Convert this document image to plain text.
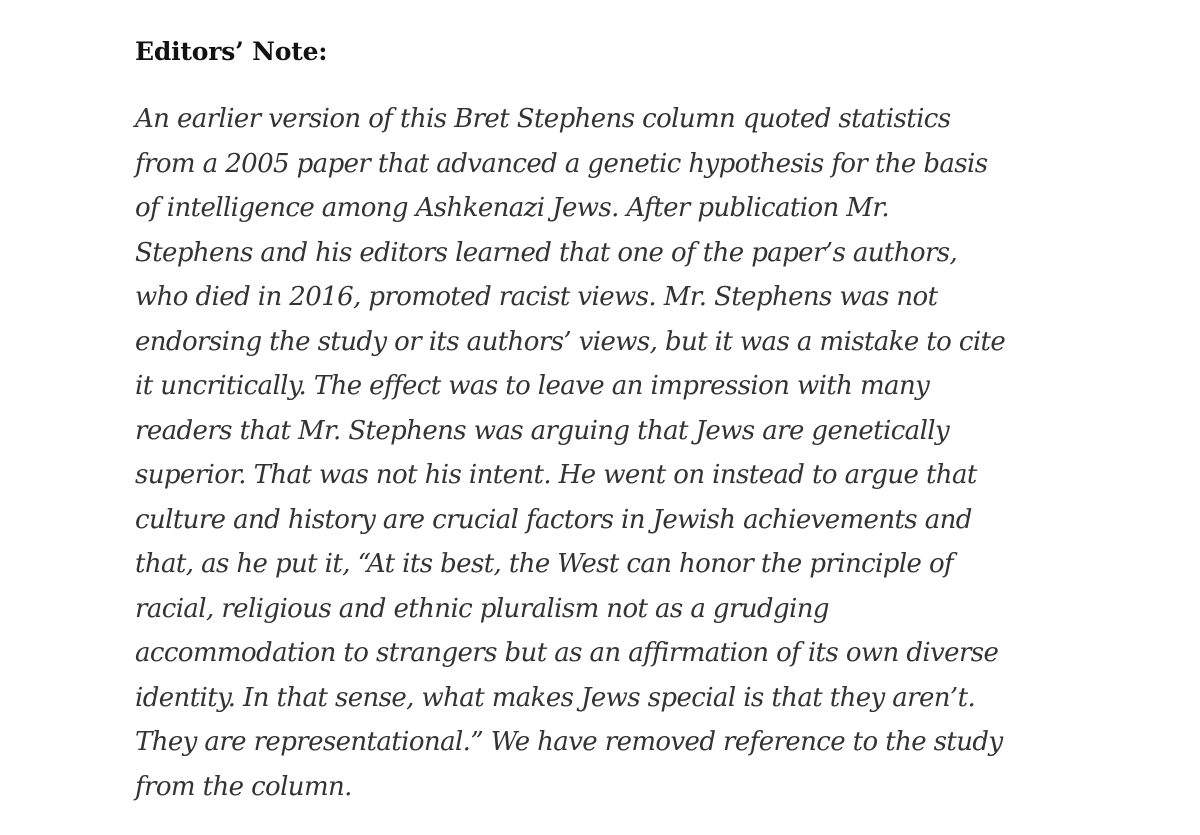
Editors’ Note:

An earlier version of this Bret Stephens column quoted statistics
from a 2005 paper that advanced a genetic hypothesis for the basis
of intelligence among Ashkenazi Jews. After publication Mr.
Stephens and his editors learned that one of the paper’s authors,
who died in 2016, promoted racist views. Mr. Stephens was not
endorsing the study or its authors’ views, but it was a mistake to cite
it uncritically. The effect was to leave an impression with many
readers that Mr. Stephens was arguing that Jews are genetically
superior. That was not his intent. He went on instead to argue that
culture and history are crucial factors in Jewish achievements and
that, as he put it, “At its best, the West can honor the principle of
racial, religious and ethnic pluralism not as a grudging
accommodation to strangers but as an affirmation of its own diverse
identity. In that sense, what makes Jews special is that they aren’t.
They are representational.” We have removed reference to the study
from the column.
